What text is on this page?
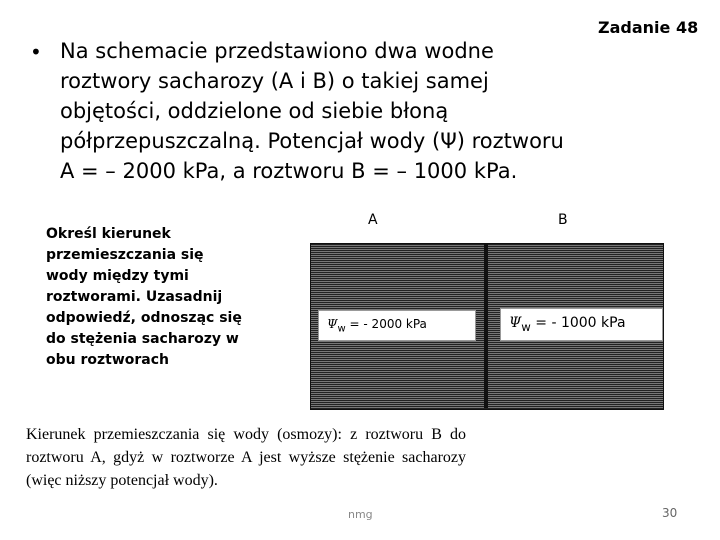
Zadanie 48
• Na schemacie przedstawiono dwa wodne
roztwory sacharozy (A i B) o takiej samej
objętości, oddzielone od siebie błoną
półprzepuszczalną. Potencjał wody (Ψ) roztworu
A = – 2000 kPa, a roztworu B = – 1000 kPa.
Określ kierunek
przemieszczania się
wody między tymi
roztworami. Uzasadnij
odpowiedź, odnosząc się
do stężenia sacharozy w
obu roztworach
A	B
$\Psi_w$ = - 2000 kPa	$\Psi_w$ = - 1000 kPa
Kierunek przemieszczania się wody (osmozy): z roztworu B do roztworu A, gdyż w roztworze A jest wyższe stężenie sacharozy (więc niższy potencjał wody).
nmg	30
